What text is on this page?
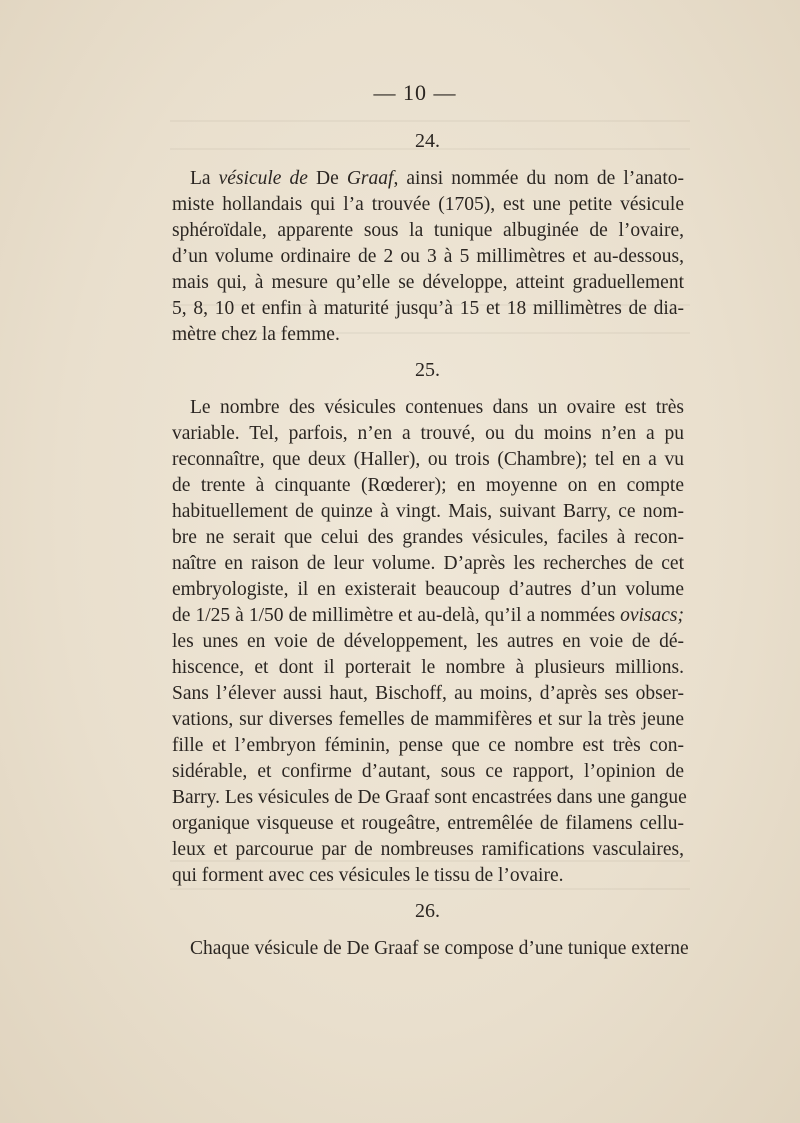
— 10 —
24.
La vésicule de De Graaf, ainsi nommée du nom de l’anato-
miste hollandais qui l’a trouvée (1705), est une petite vésicule
sphéroïdale, apparente sous la tunique albuginée de l’ovaire,
d’un volume ordinaire de 2 ou 3 à 5 millimètres et au-dessous,
mais qui, à mesure qu’elle se développe, atteint graduellement
5, 8, 10 et enfin à maturité jusqu’à 15 et 18 millimètres de dia-
mètre chez la femme.
25.
Le nombre des vésicules contenues dans un ovaire est très
variable. Tel, parfois, n’en a trouvé, ou du moins n’en a pu
reconnaître, que deux (Haller), ou trois (Chambre); tel en a vu
de trente à cinquante (Rœderer); en moyenne on en compte
habituellement de quinze à vingt. Mais, suivant Barry, ce nom-
bre ne serait que celui des grandes vésicules, faciles à recon-
naître en raison de leur volume. D’après les recherches de cet
embryologiste, il en existerait beaucoup d’autres d’un volume
de 1/25 à 1/50 de millimètre et au-delà, qu’il a nommées ovisacs;
les unes en voie de développement, les autres en voie de dé-
hiscence, et dont il porterait le nombre à plusieurs millions.
Sans l’élever aussi haut, Bischoff, au moins, d’après ses obser-
vations, sur diverses femelles de mammifères et sur la très jeune
fille et l’embryon féminin, pense que ce nombre est très con-
sidérable, et confirme d’autant, sous ce rapport, l’opinion de
Barry. Les vésicules de De Graaf sont encastrées dans une gangue
organique visqueuse et rougeâtre, entremêlée de filamens cellu-
leux et parcourue par de nombreuses ramifications vasculaires,
qui forment avec ces vésicules le tissu de l’ovaire.
26.
Chaque vésicule de De Graaf se compose d’une tunique externe
